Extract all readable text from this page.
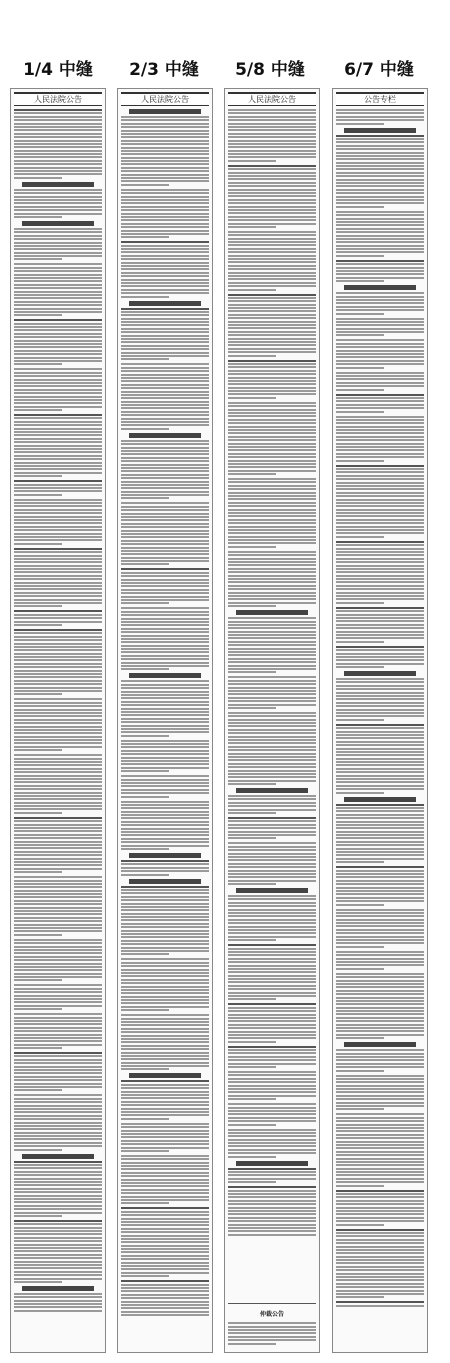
1/4 中缝	2/3 中缝	5/8 中缝	6/7 中缝
人民法院公告	人民法院公告	人民法院公告
仲裁公告
公告专栏
